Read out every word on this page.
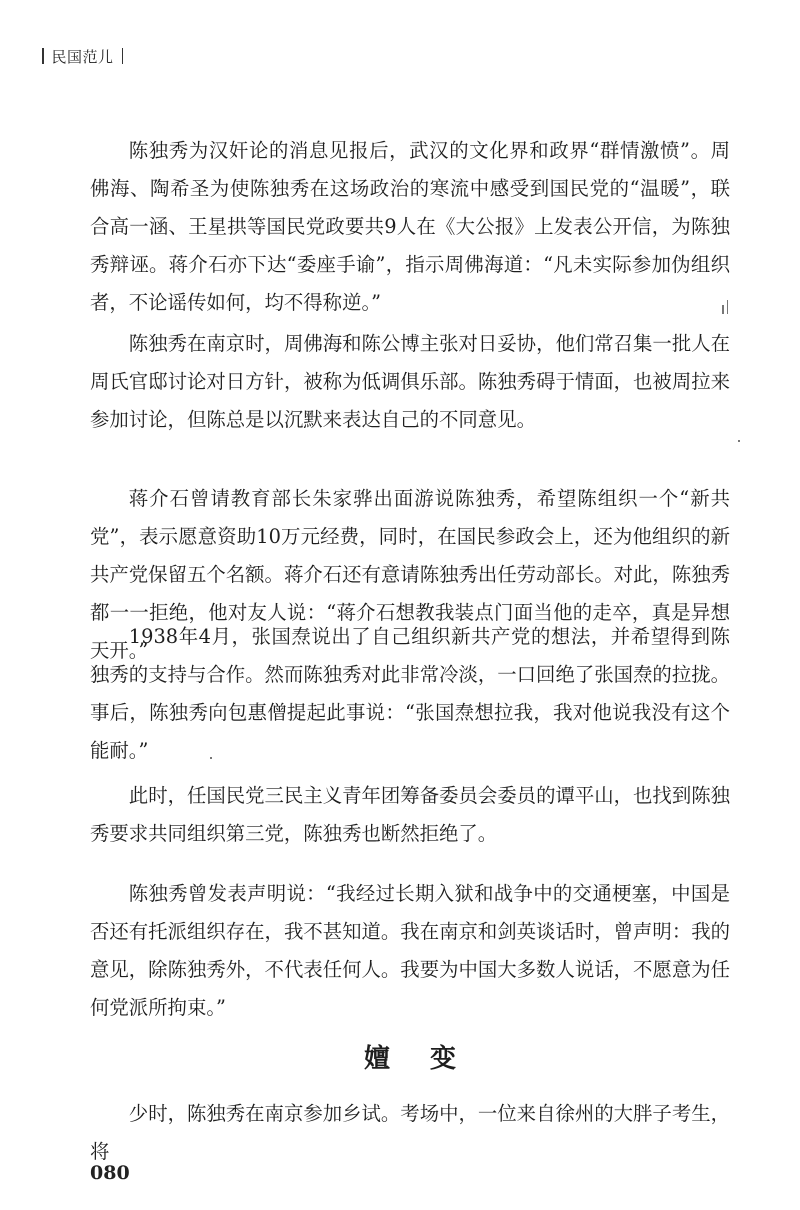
民国范儿

陈独秀为汉奸论的消息见报后，武汉的文化界和政界“群情激愤”。周佛海、陶希圣为使陈独秀在这场政治的寒流中感受到国民党的“温暖”，联合高一涵、王星拱等国民党政要共9人在《大公报》上发表公开信，为陈独秀辩诬。蒋介石亦下达“委座手谕”，指示周佛海道：“凡未实际参加伪组织者，不论谣传如何，均不得称逆。”

陈独秀在南京时，周佛海和陈公博主张对日妥协，他们常召集一批人在周氏官邸讨论对日方针，被称为低调俱乐部。陈独秀碍于情面，也被周拉来参加讨论，但陈总是以沉默来表达自己的不同意见。

蒋介石曾请教育部长朱家骅出面游说陈独秀，希望陈组织一个“新共党”，表示愿意资助10万元经费，同时，在国民参政会上，还为他组织的新共产党保留五个名额。蒋介石还有意请陈独秀出任劳动部长。对此，陈独秀都一一拒绝，他对友人说：“蒋介石想教我装点门面当他的走卒，真是异想天开。”

1938年4月，张国焘说出了自己组织新共产党的想法，并希望得到陈独秀的支持与合作。然而陈独秀对此非常冷淡，一口回绝了张国焘的拉拢。事后，陈独秀向包惠僧提起此事说：“张国焘想拉我，我对他说我没有这个能耐。”

此时，任国民党三民主义青年团筹备委员会委员的谭平山，也找到陈独秀要求共同组织第三党，陈独秀也断然拒绝了。

陈独秀曾发表声明说：“我经过长期入狱和战争中的交通梗塞，中国是否还有托派组织存在，我不甚知道。我在南京和剑英谈话时，曾声明：我的意见，除陈独秀外，不代表任何人。我要为中国大多数人说话，不愿意为任何党派所拘束。”

嬗变

少时，陈独秀在南京参加乡试。考场中，一位来自徐州的大胖子考生，将

080
